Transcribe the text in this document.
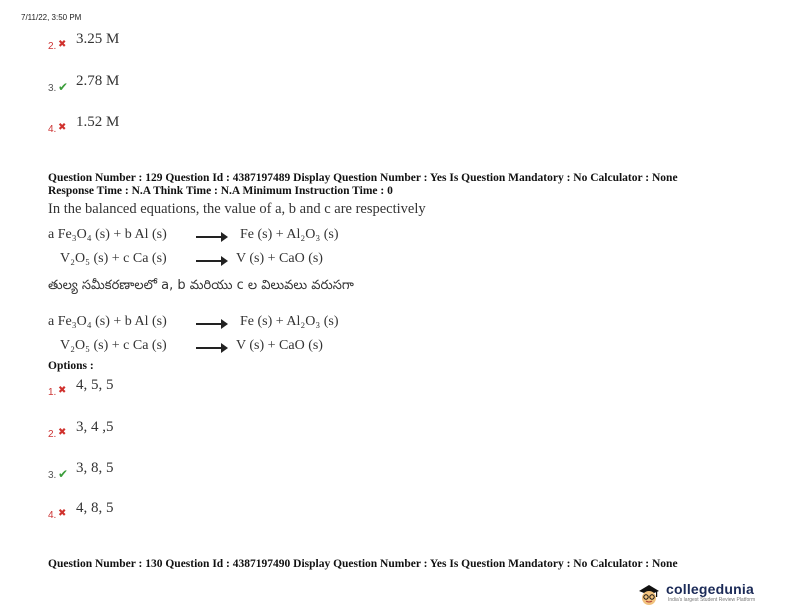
7/11/22, 3:50 PM
2. ✖ 3.25 M
3. ✔ 2.78 M
4. ✖ 1.52 M
Question Number : 129 Question Id : 4387197489 Display Question Number : Yes Is Question Mandatory : No Calculator : None
Response Time : N.A Think Time : N.A Minimum Instruction Time : 0
In the balanced equations, the value of a, b and c are respectively
a Fe₃O₄ (s) + b Al (s) → Fe (s) + Al₂O₃ (s)
V₂O₅ (s) + c Ca (s) → V (s) + CaO (s)
తుల్య సమీకరణాలలో a, b మరియు c ల విలువలు వరుసగా
a Fe₃O₄ (s) + b Al (s) → Fe (s) + Al₂O₃ (s)
V₂O₅ (s) + c Ca (s) → V (s) + CaO (s)
Options :
1. ✖ 4, 5, 5
2. ✖ 3, 4 ,5
3. ✔ 3, 8, 5
4. ✖ 4, 8, 5
Question Number : 130 Question Id : 4387197490 Display Question Number : Yes Is Question Mandatory : No Calculator : None
collegedunia
India's largest Student Review Platform
